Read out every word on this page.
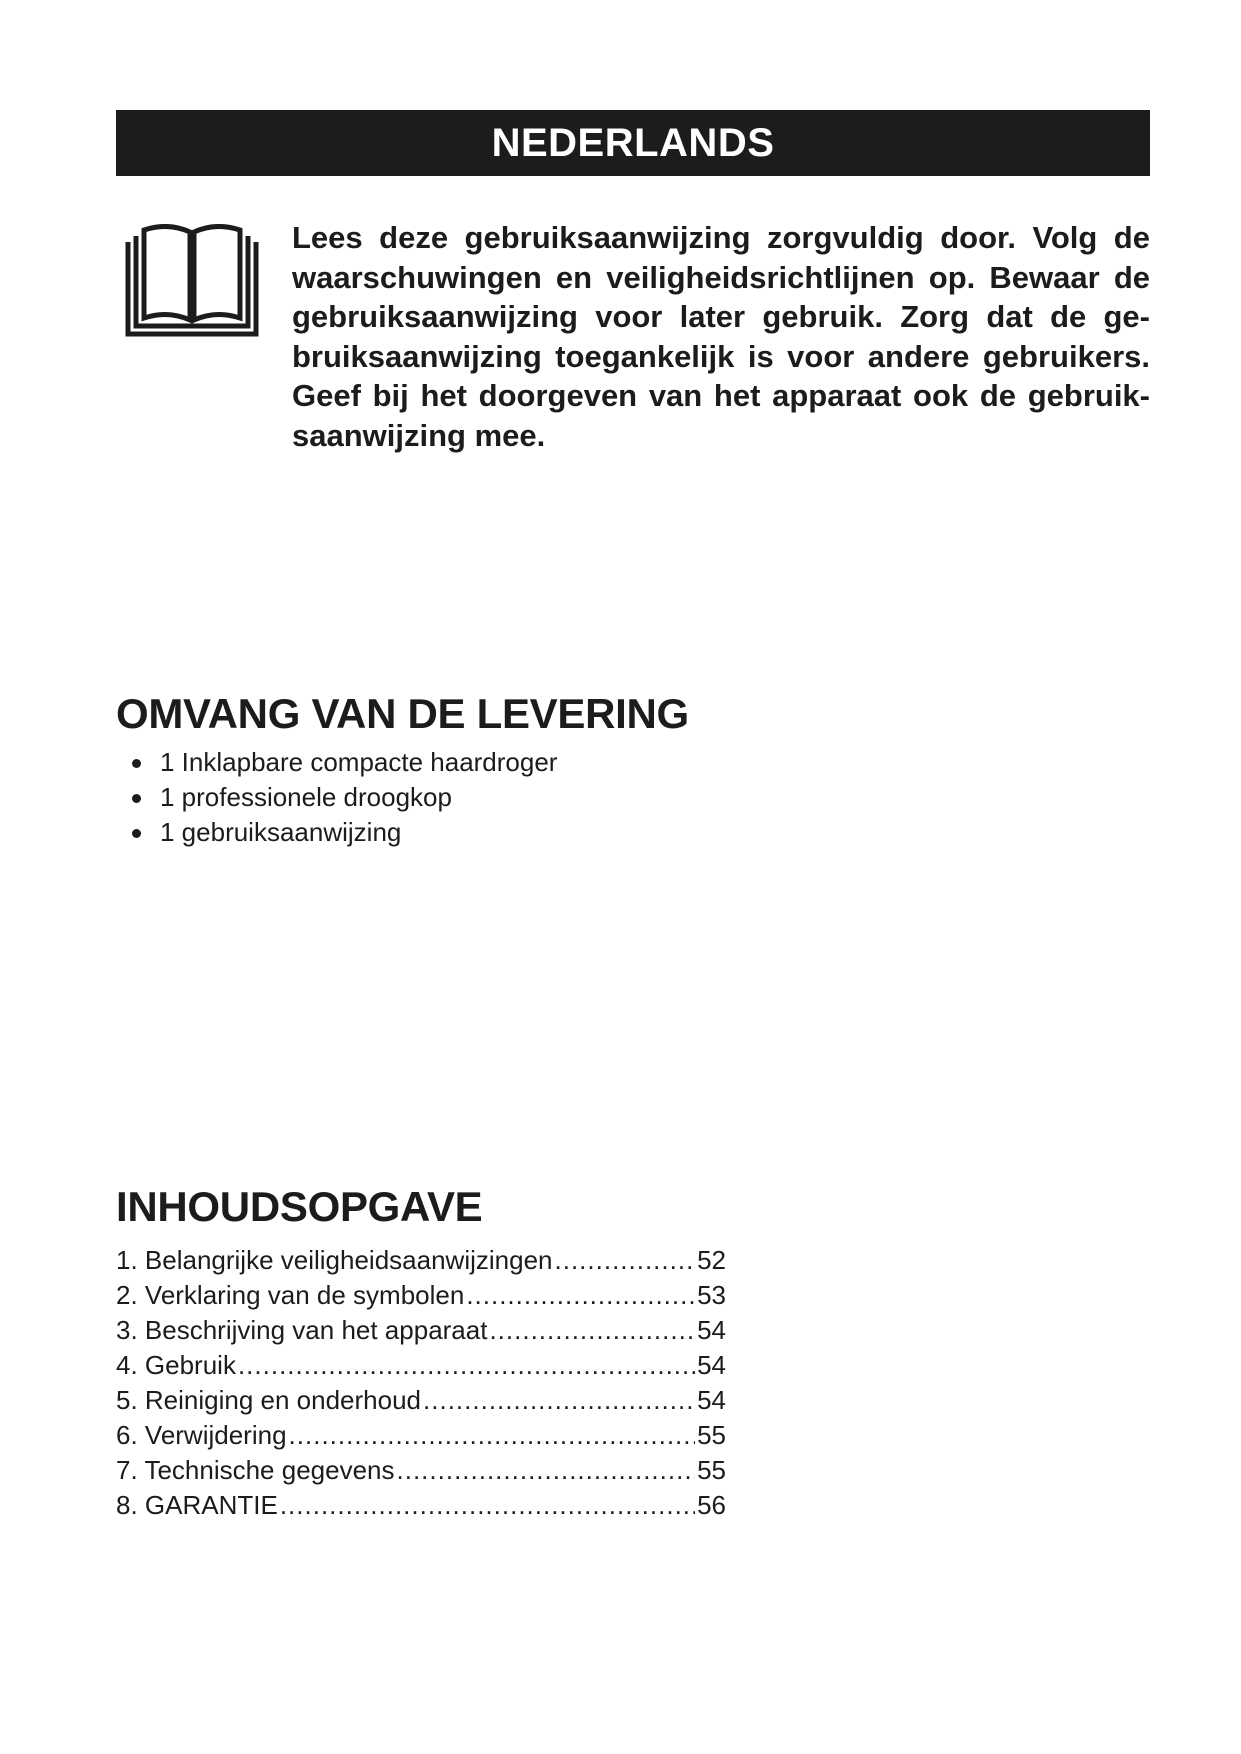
NEDERLANDS
Lees deze gebruiksaanwijzing zorgvuldig door. Volg de waarschuwingen en veiligheidsrichtlijnen op. Bewaar de gebruiksaanwijzing voor later gebruik. Zorg dat de ge-bruiksaanwijzing toegankelijk is voor andere gebruikers. Geef bij het doorgeven van het apparaat ook de gebruik-saanwijzing mee.
OMVANG VAN DE LEVERING
1 Inklapbare compacte haardroger
1 professionele droogkop
1 gebruiksaanwijzing
INHOUDSOPGAVE
1. Belangrijke veiligheidsaanwijzingen .....	52
2. Verklaring van de symbolen .....	53
3. Beschrijving van het apparaat .....	54
4. Gebruik .....	54
5. Reiniging en onderhoud .....	54
6. Verwijdering .....	55
7. Technische gegevens .....	55
8. GARANTIE .....	56
